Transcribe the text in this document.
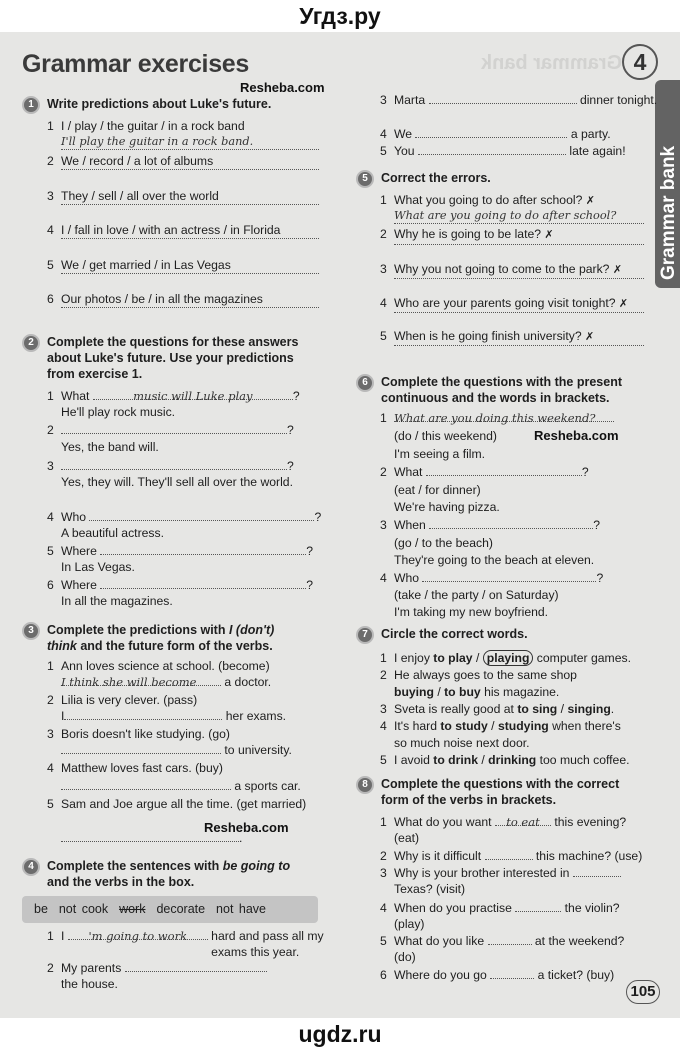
Угдз.ру
Grammar bank
Grammar exercises
Resheba.com
4
Grammar bank
1	Write predictions about Luke's future.
1 I / play / the guitar / in a rock band
I'll play the guitar in a rock band.
2 We / record / a lot of albums
3 They / sell / all over the world
4 I / fall in love / with an actress / in Florida
5 We / get married / in Las Vegas
6 Our photos / be / in all the magazines
2	Complete the questions for these answers about Luke's future. Use your predictions from exercise 1.
1 What	music will Luke play	?
He'll play rock music.
2	?
Yes, the band will.
3	?
Yes, they will. They'll sell all over the world.
4 Who	?
A beautiful actress.
5 Where	?
In Las Vegas.
6 Where	?
In all the magazines.
3	Complete the predictions with I (don't) think and the future form of the verbs.
1 Ann loves science at school. (become)
I think she will become a doctor.
2 Lilia is very clever. (pass)
I	her exams.
3 Boris doesn't like studying. (go)
to university.
4 Matthew loves fast cars. (buy)
a sports car.
5 Sam and Joe argue all the time. (get married)
.
Resheba.com
4	Complete the sentences with be going to and the verbs in the box.
be not cook work decorate not have
1 I 'm going to work hard and pass all my exams this year.
2 My parents
the house.
3 Marta	dinner tonight.
4 We	a party.
5 You	late again!
5	Correct the errors.
1 What you going to do after school? ✗
What are you going to do after school?
2 Why he is going to be late? ✗
3 Why you not going to come to the park? ✗
4 Who are your parents going visit tonight? ✗
5 When is he going finish university? ✗
6	Complete the questions with the present continuous and the words in brackets.
1 What are you doing this weekend?
(do / this weekend)
I'm seeing a film.
2 What	?
(eat / for dinner)
We're having pizza.
3 When	?
(go / to the beach)
They're going to the beach at eleven.
4 Who	?
(take / the party / on Saturday)
I'm taking my new boyfriend.
Resheba.com
7	Circle the correct words.
1 I enjoy to play / playing computer games.
2 He always goes to the same shop
buying / to buy his magazine.
3 Sveta is really good at to sing / singing.
4 It's hard to study / studying when there's
so much noise next door.
5 I avoid to drink / drinking too much coffee.
8	Complete the questions with the correct form of the verbs in brackets.
1 What do you want to eat this evening?
(eat)
2 Why is it difficult	this machine? (use)
3 Why is your brother interested in
Texas? (visit)
4 When do you practise	the violin?
(play)
5 What do you like	at the weekend?
(do)
6 Where do you go	a ticket? (buy)
105
ugdz.ru
